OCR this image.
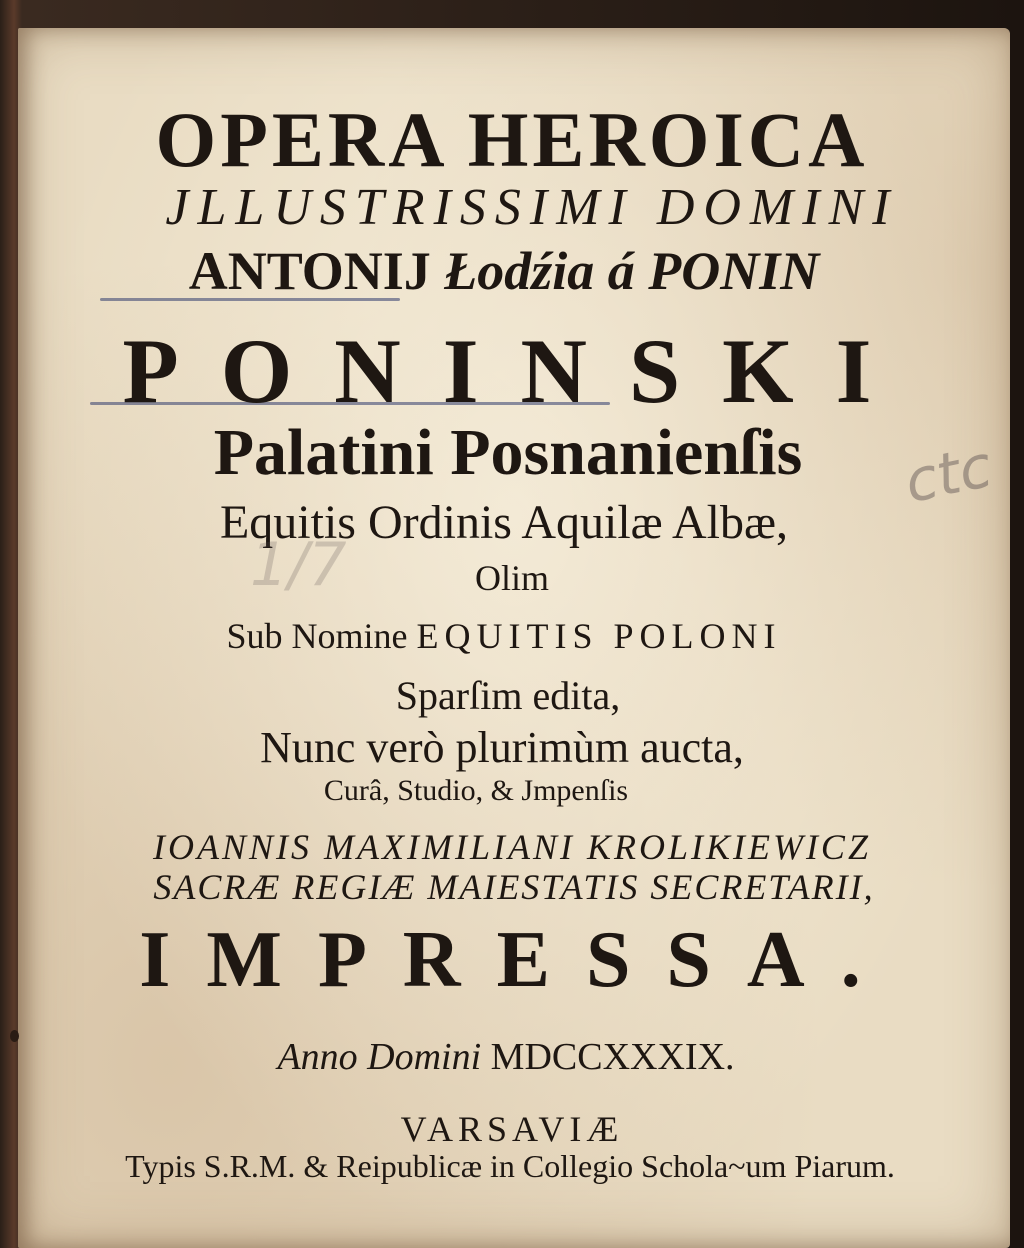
OPERA HEROICA
JLLUSTRISSIMI DOMINI
ANTONIJ Łodźia á PONIN
PONINSKI
Palatini Posnanienſis
Equitis Ordinis Aquilæ Albæ,
Olim
Sub Nomine EQUITIS POLONI
Sparſim edita,
Nunc verò plurimùm aucta,
Curâ, Studio, & Jmpenſis
IOANNIS MAXIMILIANI KROLIKIEWICZ
SACRÆ REGIÆ MAIESTATIS SECRETARII,
IMPRESSA.
Anno Domini MDCCXXXIX.
VARSAVIÆ
Typis S.R.M. & Reipublicæ in Collegio Schola~um Piarum.
ctc
1/7
